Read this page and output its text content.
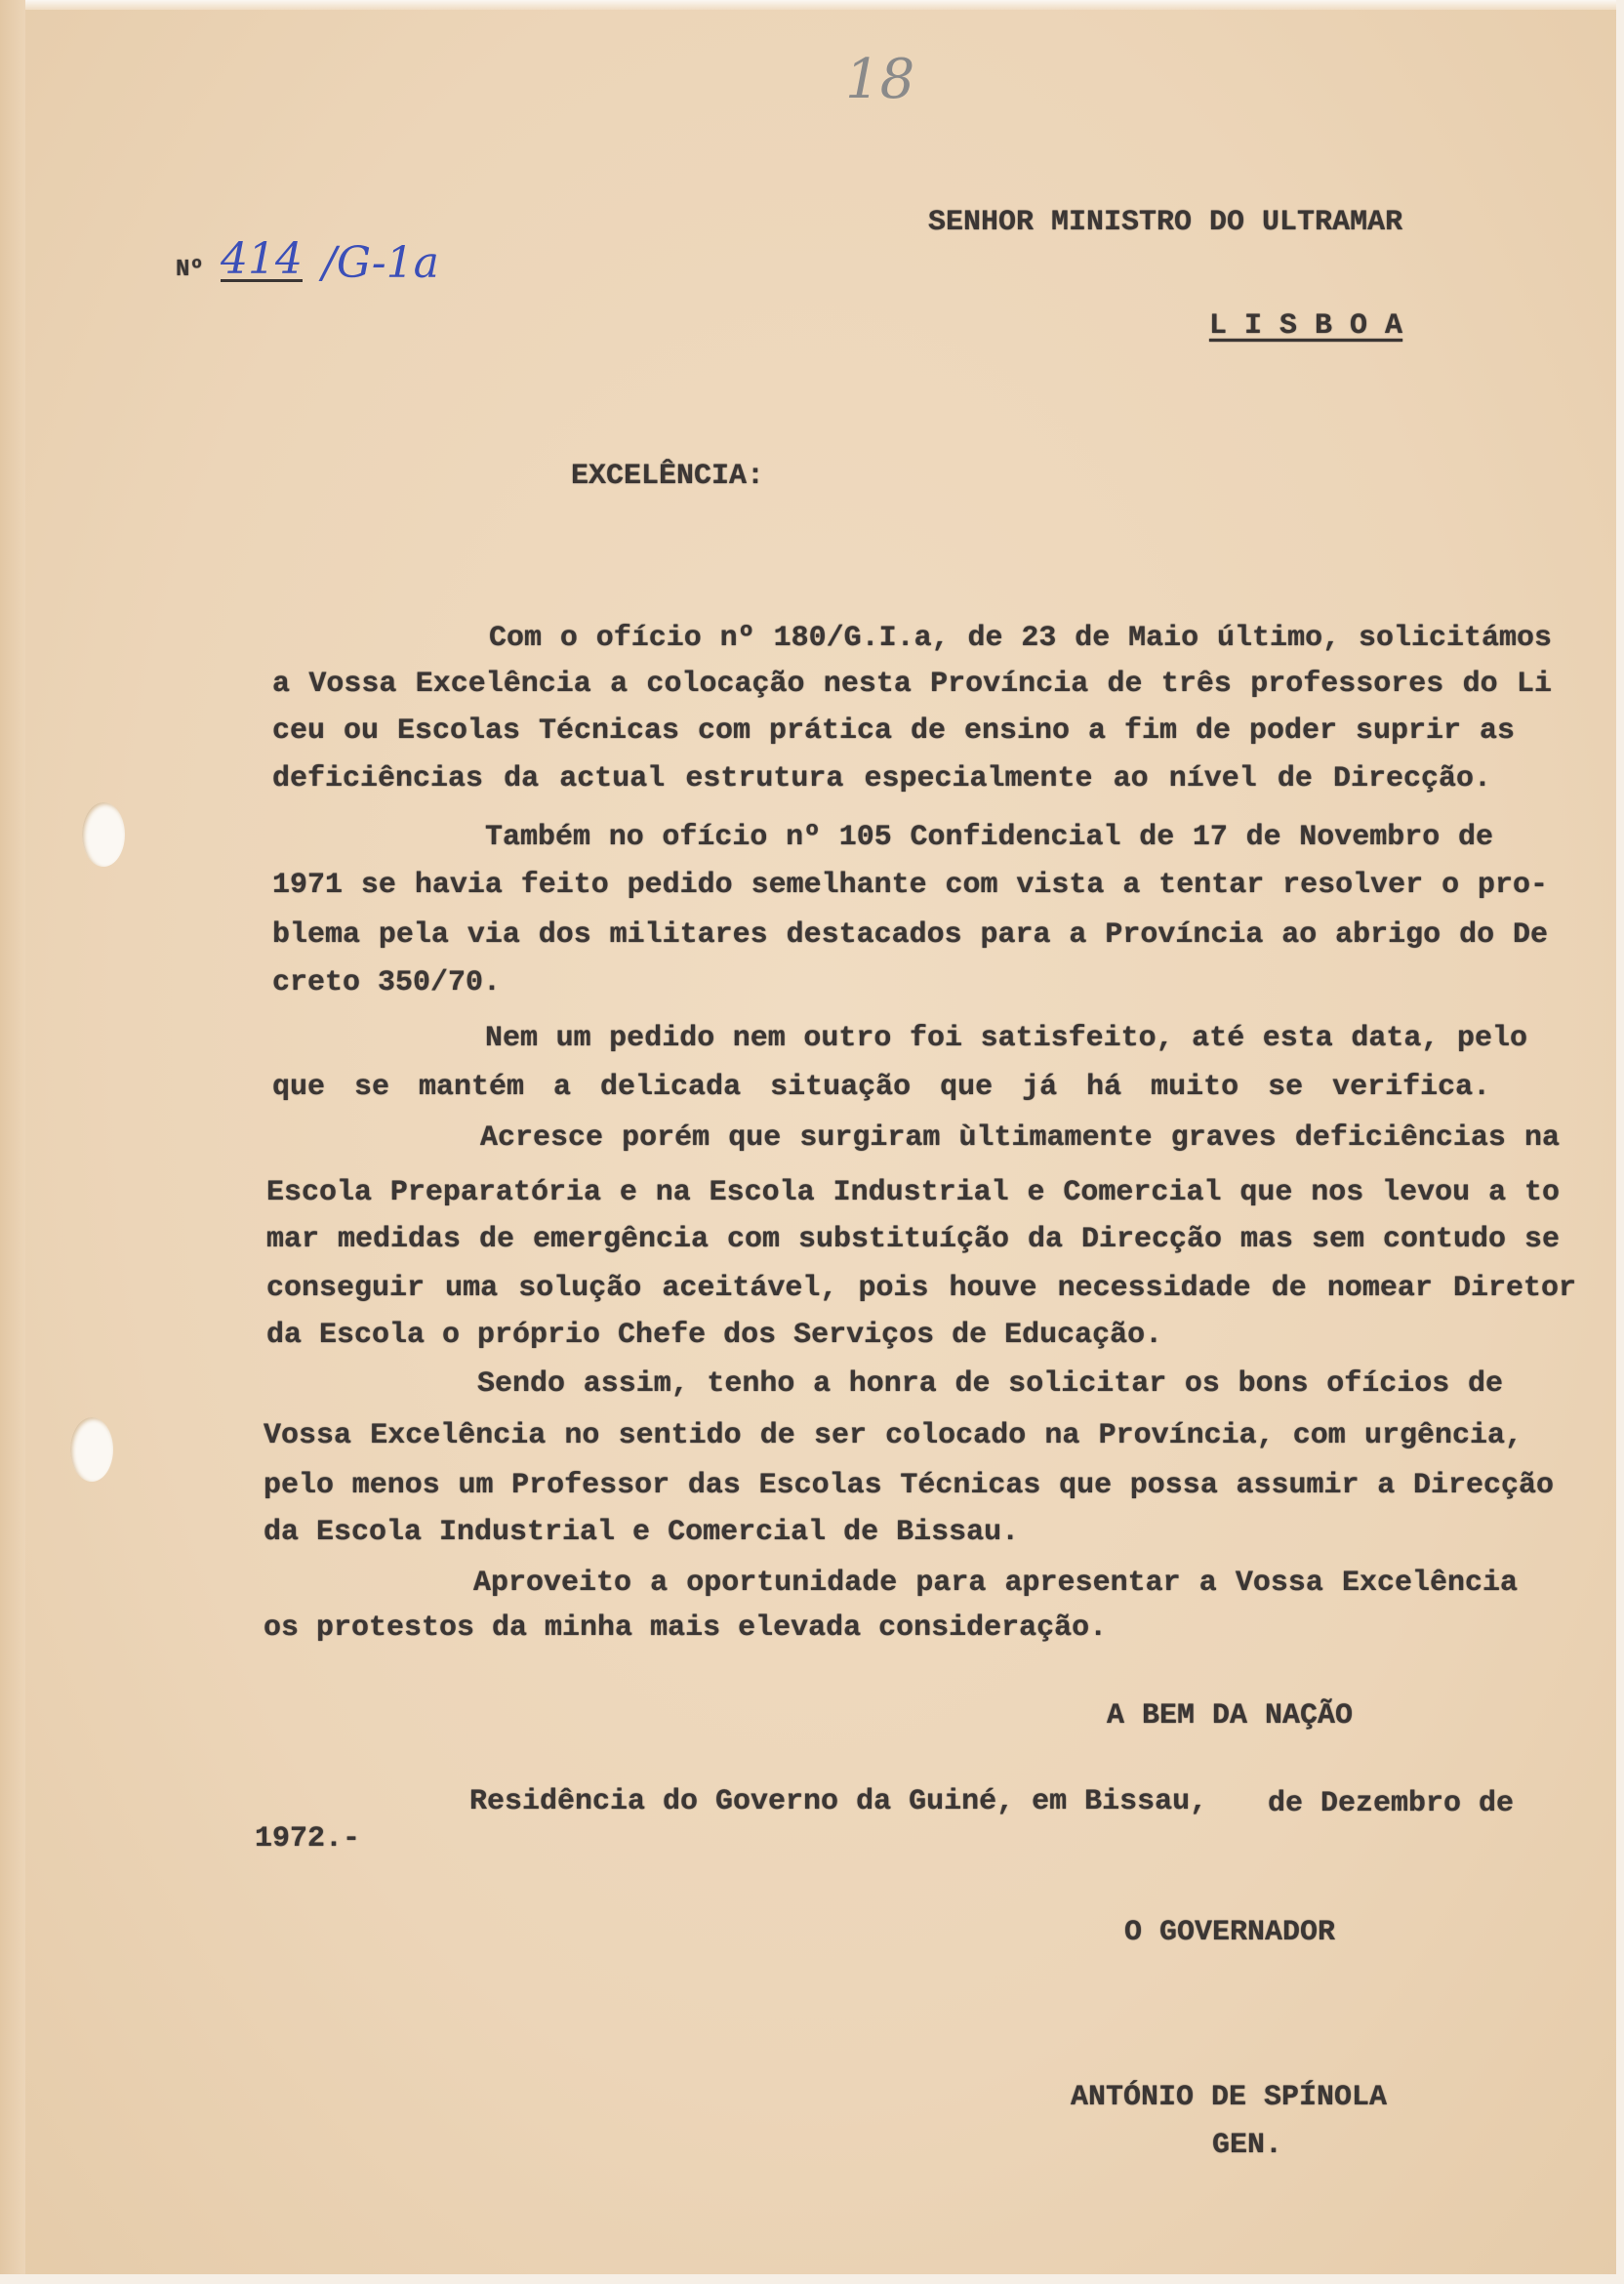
18
SENHOR MINISTRO DO ULTRAMAR
Nº 414 /G-1a
L I S B O A
EXCELÊNCIA:
Com o ofício nº 180/G.I.a, de 23 de Maio último, solicitámos
a Vossa Excelência a colocação nesta Província de três professores do Li
ceu ou Escolas Técnicas com prática de ensino a fim de poder suprir as
deficiências da actual estrutura especialmente ao nível de Direcção.
Também no ofício nº 105 Confidencial de 17 de Novembro de
1971 se havia feito pedido semelhante com vista a tentar resolver o pro-
blema pela via dos militares destacados para a Província ao abrigo do De
creto 350/70.
Nem um pedido nem outro foi satisfeito, até esta data, pelo
que se mantém a delicada situação que já há muito se verifica.
Acresce porém que surgiram ùltimamente graves deficiências na
Escola Preparatória e na Escola Industrial e Comercial que nos levou a to
mar medidas de emergência com substituíção da Direcção mas sem contudo se
conseguir uma solução aceitável, pois houve necessidade de nomear Diretor
da Escola o próprio Chefe dos Serviços de Educação.
Sendo assim, tenho a honra de solicitar os bons ofícios de
Vossa Excelência no sentido de ser colocado na Província, com urgência,
pelo menos um Professor das Escolas Técnicas que possa assumir a Direcção
da Escola Industrial e Comercial de Bissau.
Aproveito a oportunidade para apresentar a Vossa Excelência
os protestos da minha mais elevada consideração.
A BEM DA NAÇÃO
Residência do Governo da Guiné, em Bissau, de Dezembro de
1972.-
O GOVERNADOR
ANTÓNIO DE SPÍNOLA
GEN.
